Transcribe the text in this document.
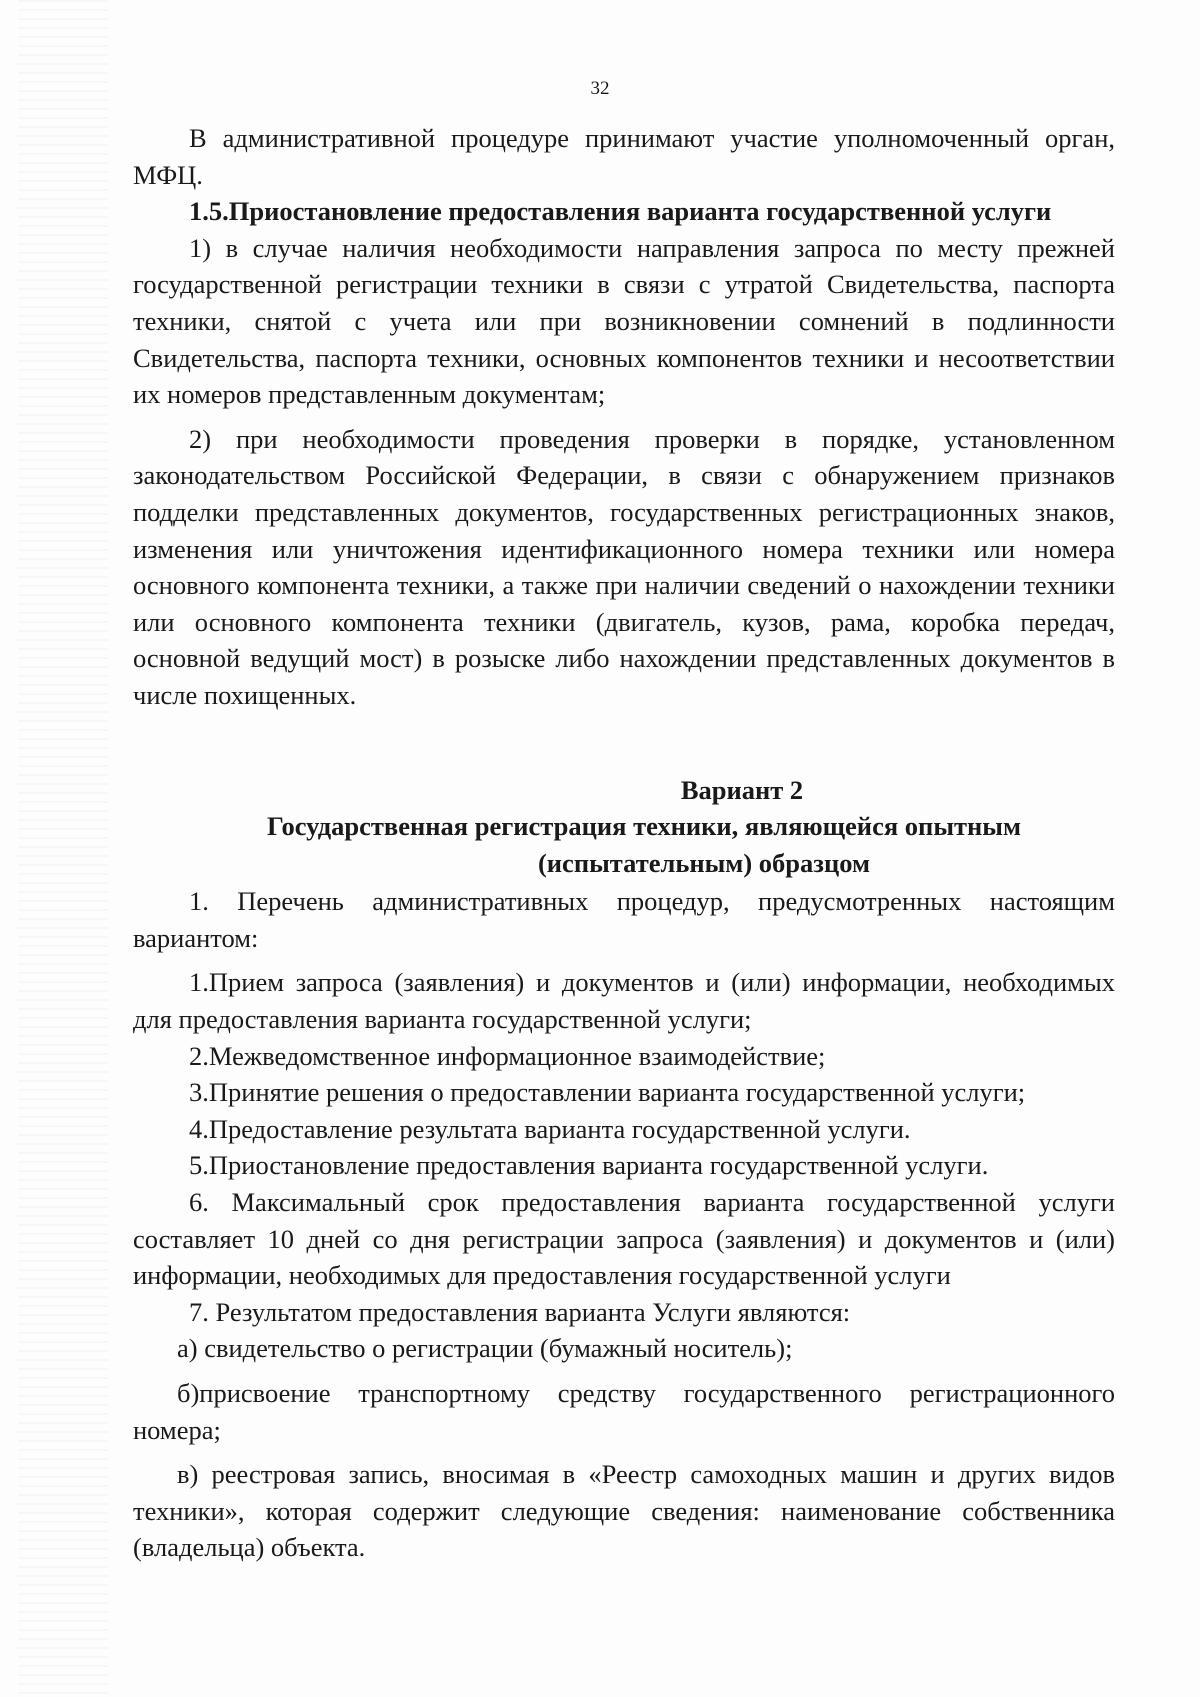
32

В административной процедуре принимают участие уполномоченный орган, МФЦ.

1.5.Приостановление предоставления варианта государственной услуги

1) в случае наличия необходимости направления запроса по месту прежней государственной регистрации техники в связи с утратой Свидетельства, паспорта техники, снятой с учета или при возникновении сомнений в подлинности Свидетельства, паспорта техники, основных компонентов техники и несоответствии их номеров представленным документам;

2) при необходимости проведения проверки в порядке, установленном законодательством Российской Федерации, в связи с обнаружением признаков подделки представленных документов, государственных регистрационных знаков, изменения или уничтожения идентификационного номера техники или номера основного компонента техники, а также при наличии сведений о нахождении техники или основного компонента техники (двигатель, кузов, рама, коробка передач, основной ведущий мост) в розыске либо нахождении представленных документов в числе похищенных.

Вариант 2
Государственная регистрация техники, являющейся опытным
(испытательным) образцом

1. Перечень административных процедур, предусмотренных настоящим вариантом:

1.Прием запроса (заявления) и документов и (или) информации, необходимых для предоставления варианта государственной услуги;

2.Межведомственное информационное взаимодействие;

3.Принятие решения о предоставлении варианта государственной услуги;

4.Предоставление результата варианта государственной услуги.

5.Приостановление предоставления варианта государственной услуги.

6. Максимальный срок предоставления варианта государственной услуги составляет 10 дней со дня регистрации запроса (заявления) и документов и (или) информации, необходимых для предоставления государственной услуги

7. Результатом предоставления варианта Услуги являются:

а) свидетельство о регистрации (бумажный носитель);

б)присвоение транспортному средству государственного регистрационного номера;

в) реестровая запись, вносимая в «Реестр самоходных машин и других видов техники», которая содержит следующие сведения: наименование собственника (владельца) объекта.
